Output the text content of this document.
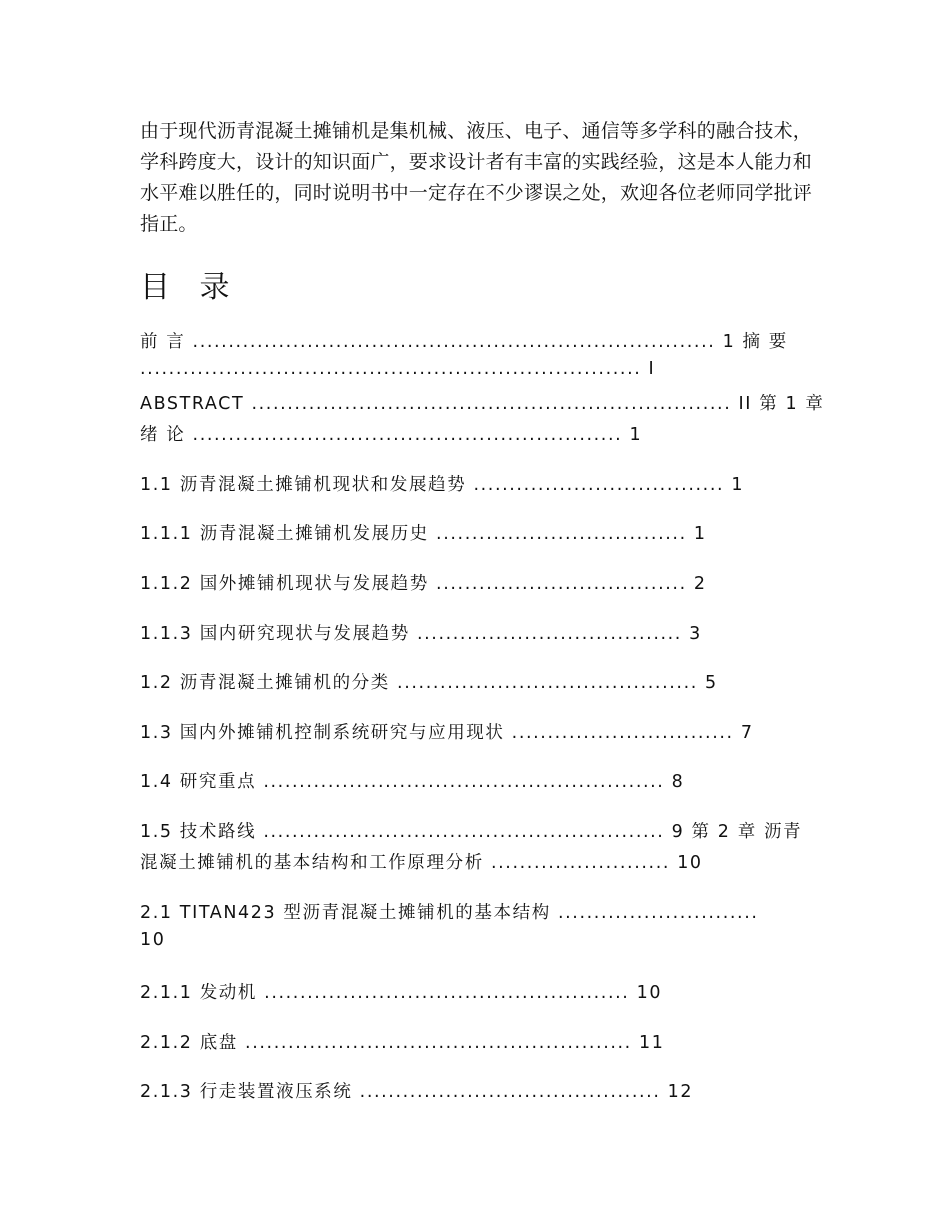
由于现代沥青混凝土摊铺机是集机械、液压、电子、通信等多学科的融合技术，学科跨度大，设计的知识面广，要求设计者有丰富的实践经验，这是本人能力和水平难以胜任的，同时说明书中一定存在不少谬误之处，欢迎各位老师同学批评指正。

目 录

前 言 ......................................................................... 1 摘 要

...................................................................... I

ABSTRACT ................................................................... II 第 1 章

绪 论 ............................................................ 1

1.1 沥青混凝土摊铺机现状和发展趋势 ................................... 1

1.1.1 沥青混凝土摊铺机发展历史 ................................... 1

1.1.2 国外摊铺机现状与发展趋势 ................................... 2

1.1.3 国内研究现状与发展趋势 ..................................... 3

1.2 沥青混凝土摊铺机的分类 .......................................... 5

1.3 国内外摊铺机控制系统研究与应用现状 ............................... 7

1.4 研究重点 ........................................................ 8

1.5 技术路线 ........................................................ 9 第 2 章 沥青

混凝土摊铺机的基本结构和工作原理分析 ......................... 10

2.1 TITAN423 型沥青混凝土摊铺机的基本结构 ............................

10

2.1.1 发动机 ................................................... 10

2.1.2 底盘 ...................................................... 11

2.1.3 行走装置液压系统 .......................................... 12
